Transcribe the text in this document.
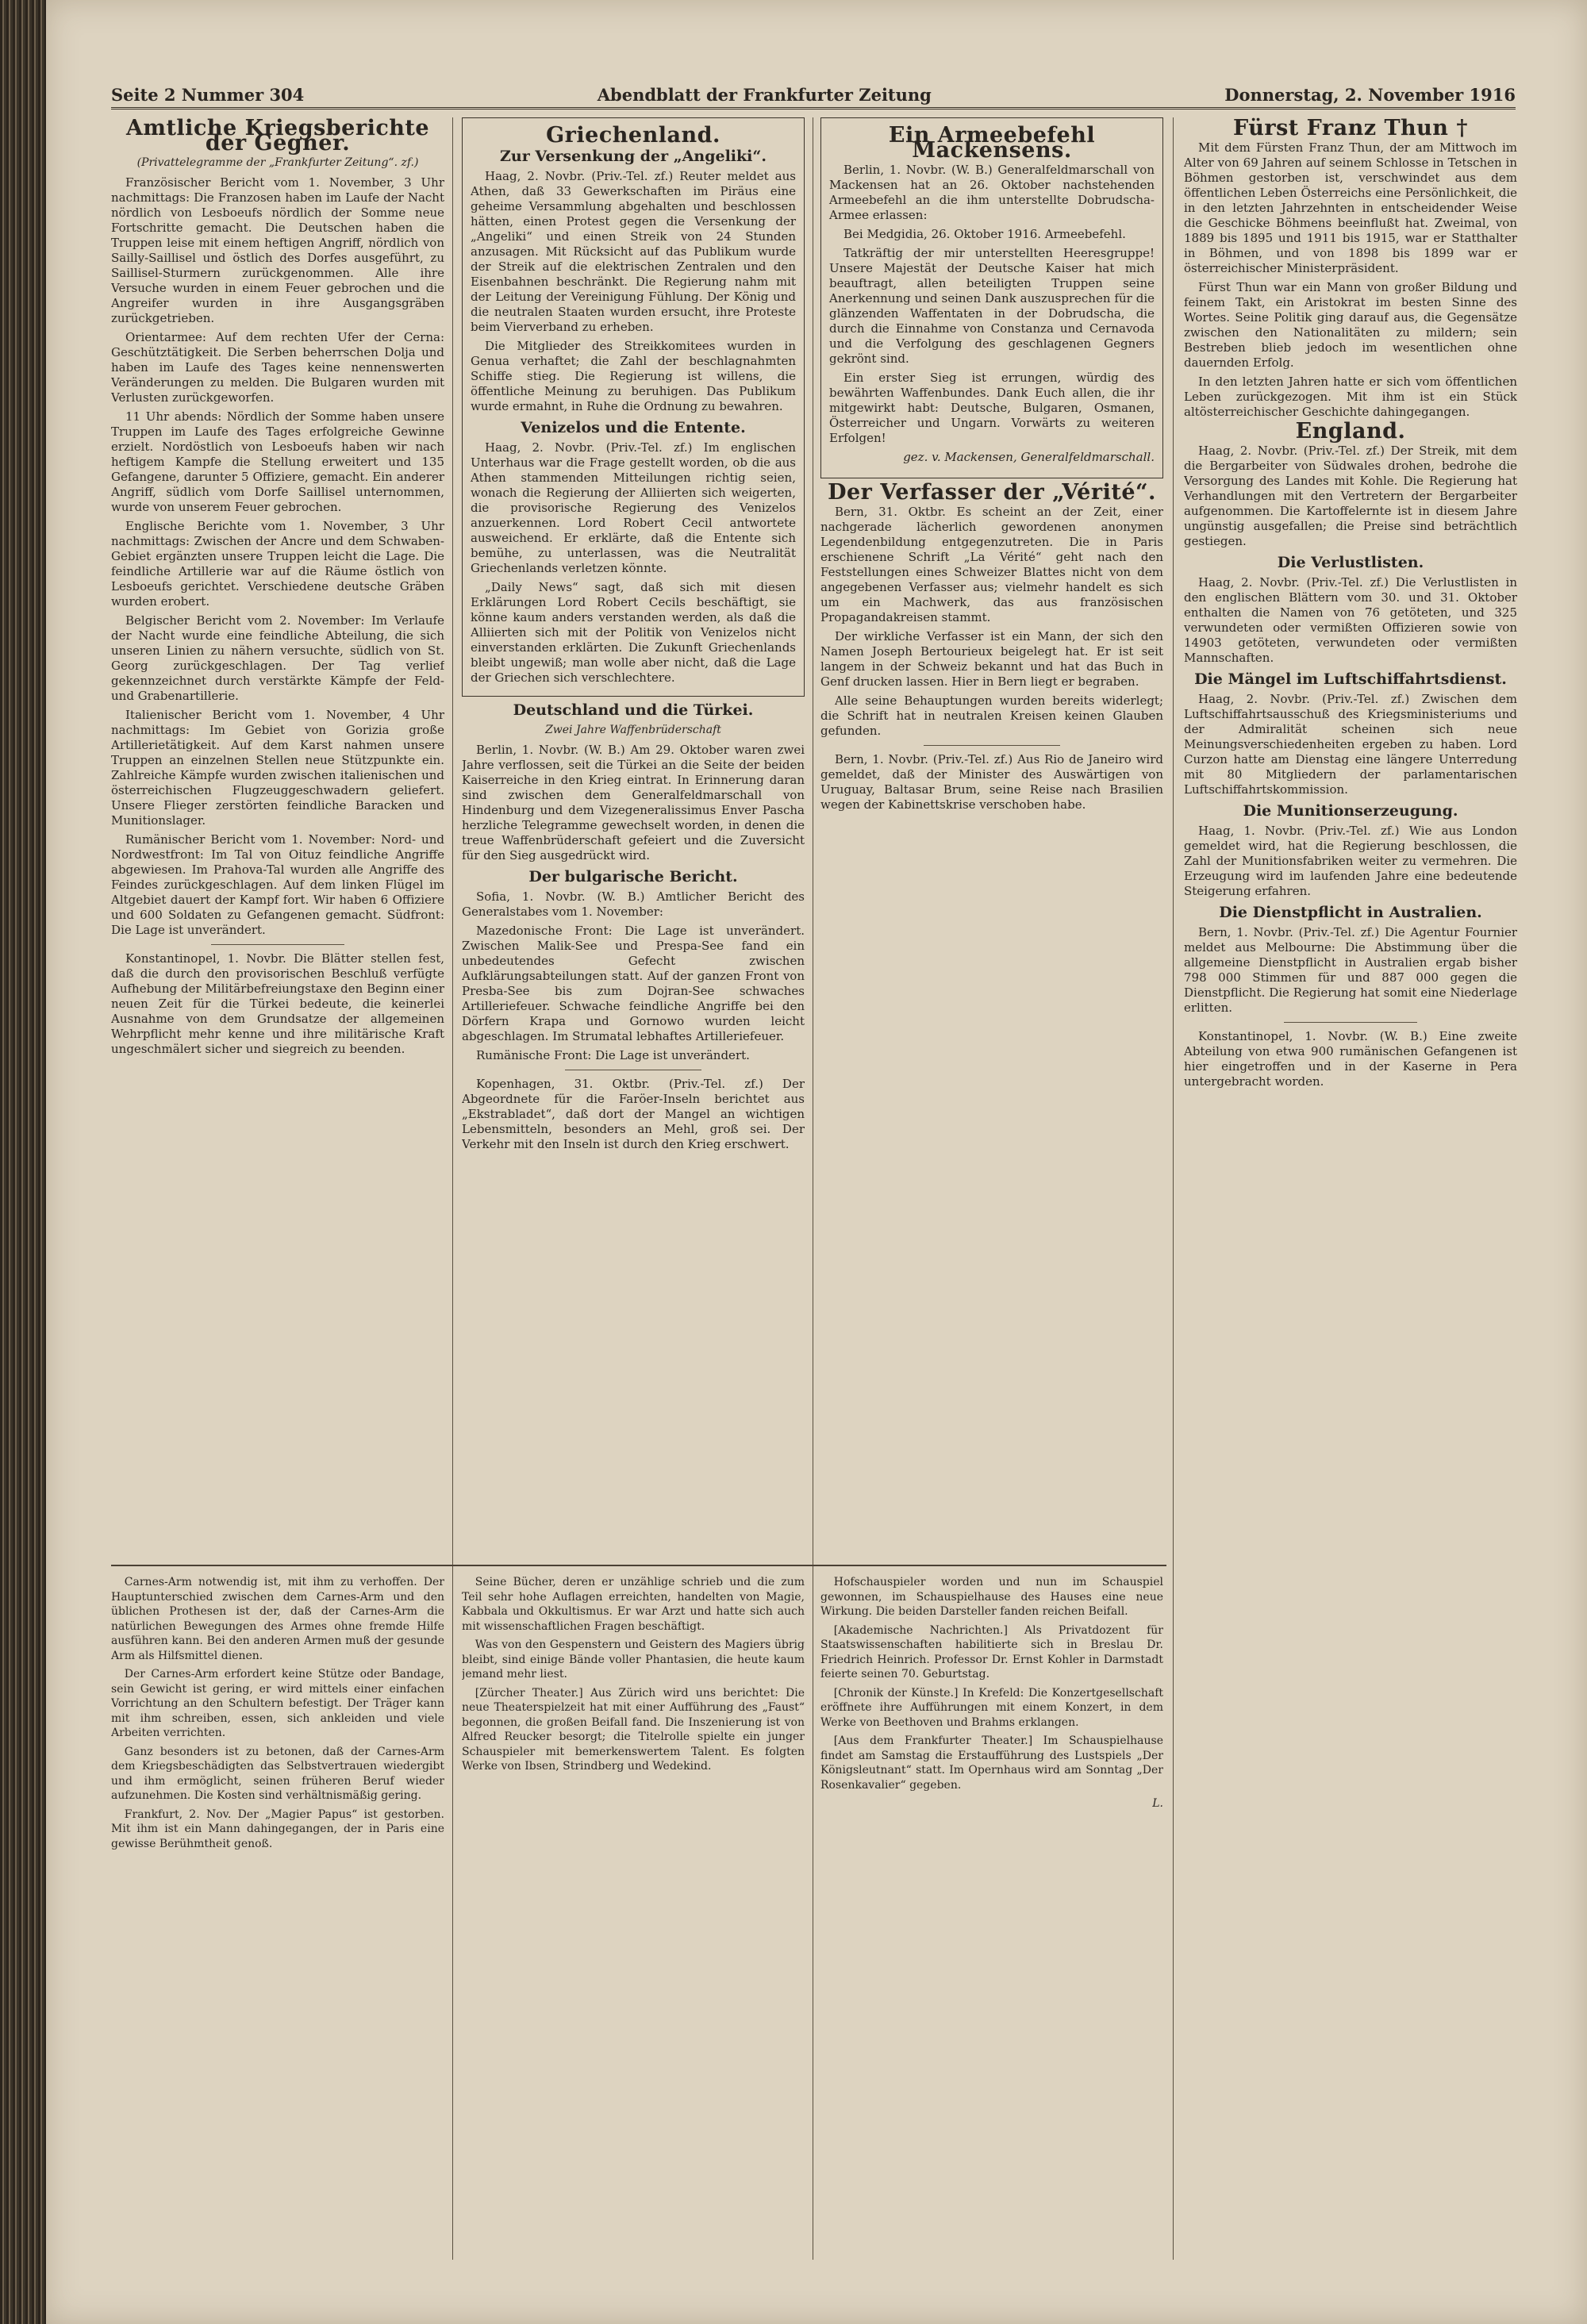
Seite 2 Nummer 304	Abendblatt der Frankfurter Zeitung	Donnerstag, 2. November 1916
Amtliche Kriegsberichte der Gegner.
(Privattelegramme der „Frankfurter Zeitung“. zf.)

Französischer Bericht vom 1. November, 3 Uhr nachmittags: Die Franzosen haben im Laufe der Nacht nördlich von Lesboeufs nördlich der Somme neue Fortschritte gemacht. Die Deutschen haben die Truppen leise mit einem heftigen Angriff, nördlich von Sailly-Saillisel und östlich des Dorfes ausgeführt, zu Saillisel-Sturmern zurückgenommen. Alle ihre Versuche wurden in einem Feuer gebrochen und die Angreifer wurden in ihre Ausgangsgräben zurückgetrieben.

Orientarmee: Auf dem rechten Ufer der Cerna: Geschütztätigkeit. Die Serben beherrschen Dolja und haben im Laufe des Tages keine nennenswerten Veränderungen zu melden. Die Bulgaren wurden mit Verlusten zurückgeworfen.

11 Uhr abends: Nördlich der Somme haben unsere Truppen im Laufe des Tages erfolgreiche Gewinne erzielt. Nordöstlich von Lesboeufs haben wir nach heftigem Kampfe die Stellung erweitert und 135 Gefangene, darunter 5 Offiziere, gemacht. Ein anderer Angriff, südlich vom Dorfe Saillisel unternommen, wurde von unserem Feuer gebrochen.

Englische Berichte vom 1. November, 3 Uhr nachmittags: Zwischen der Ancre und dem Schwaben-Gebiet ergänzten unsere Truppen leicht die Lage. Die feindliche Artillerie war auf die Räume östlich von Lesboeufs gerichtet. Verschiedene deutsche Gräben wurden erobert.

Belgischer Bericht vom 2. November: Im Verlaufe der Nacht wurde eine feindliche Abteilung, die sich unseren Linien zu nähern versuchte, südlich von St. Georg zurückgeschlagen. Der Tag verlief gekennzeichnet durch verstärkte Kämpfe der Feld- und Grabenartillerie.

Italienischer Bericht vom 1. November, 4 Uhr nachmittags: Im Gebiet von Gorizia große Artillerietätigkeit. Auf dem Karst nahmen unsere Truppen an einzelnen Stellen neue Stützpunkte ein. Zahlreiche Kämpfe wurden zwischen italienischen und österreichischen Flugzeuggeschwadern geliefert. Unsere Flieger zerstörten feindliche Baracken und Munitionslager.

Rumänischer Bericht vom 1. November: Nord- und Nordwestfront: Im Tal von Oituz feindliche Angriffe abgewiesen. Im Prahova-Tal wurden alle Angriffe des Feindes zurückgeschlagen. Auf dem linken Flügel im Altgebiet dauert der Kampf fort. Wir haben 6 Offiziere und 600 Soldaten zu Gefangenen gemacht. Südfront: Die Lage ist unverändert.

Konstantinopel, 1. Novbr. Die Blätter stellen fest, daß die durch den provisorischen Beschluß verfügte Aufhebung der Militärbefreiungstaxe den Beginn einer neuen Zeit für die Türkei bedeute, die keinerlei Ausnahme von dem Grundsatze der allgemeinen Wehrpflicht mehr kenne und ihre militärische Kraft ungeschmälert sicher und siegreich zu beenden.

Griechenland.
Zur Versenkung der „Angeliki“.

Haag, 2. Novbr. (Priv.-Tel. zf.) Reuter meldet aus Athen, daß 33 Gewerkschaften im Piräus eine geheime Versammlung abgehalten und beschlossen hätten, einen Protest gegen die Versenkung der „Angeliki“ und einen Streik von 24 Stunden anzusagen. Mit Rücksicht auf das Publikum wurde der Streik auf die elektrischen Zentralen und den Eisenbahnen beschränkt. Die Regierung nahm mit der Leitung der Vereinigung Fühlung. Der König und die neutralen Staaten wurden ersucht, ihre Proteste beim Vierverband zu erheben.

Die Mitglieder des Streikkomitees wurden in Genua verhaftet; die Zahl der beschlagnahmten Schiffe stieg. Die Regierung ist willens, die öffentliche Meinung zu beruhigen. Das Publikum wurde ermahnt, in Ruhe die Ordnung zu bewahren.

Venizelos und die Entente.

Haag, 2. Novbr. (Priv.-Tel. zf.) Im englischen Unterhaus war die Frage gestellt worden, ob die aus Athen stammenden Mitteilungen richtig seien, wonach die Regierung der Alliierten sich weigerten, die provisorische Regierung des Venizelos anzuerkennen. Lord Robert Cecil antwortete ausweichend. Er erklärte, daß die Entente sich bemühe, zu unterlassen, was die Neutralität Griechenlands verletzen könnte.

„Daily News“ sagt, daß sich mit diesen Erklärungen Lord Robert Cecils beschäftigt, sie könne kaum anders verstanden werden, als daß die Alliierten sich mit der Politik von Venizelos nicht einverstanden erklärten. Die Zukunft Griechenlands bleibt ungewiß; man wolle aber nicht, daß die Lage der Griechen sich verschlechtere.

Deutschland und die Türkei.
Zwei Jahre Waffenbrüderschaft

Berlin, 1. Novbr. (W. B.) Am 29. Oktober waren zwei Jahre verflossen, seit die Türkei an die Seite der beiden Kaiserreiche in den Krieg eintrat. In Erinnerung daran sind zwischen dem Generalfeldmarschall von Hindenburg und dem Vizegeneralissimus Enver Pascha herzliche Telegramme gewechselt worden, in denen die treue Waffenbrüderschaft gefeiert und die Zuversicht für den Sieg ausgedrückt wird.

Der bulgarische Bericht.

Sofia, 1. Novbr. (W. B.) Amtlicher Bericht des Generalstabes vom 1. November:

Mazedonische Front: Die Lage ist unverändert. Zwischen Malik-See und Prespa-See fand ein unbedeutendes Gefecht zwischen Aufklärungsabteilungen statt. Auf der ganzen Front von Presba-See bis zum Dojran-See schwaches Artilleriefeuer. Schwache feindliche Angriffe bei den Dörfern Krapa und Gornowo wurden leicht abgeschlagen. Im Strumatal lebhaftes Artilleriefeuer.

Rumänische Front: Die Lage ist unverändert.

Kopenhagen, 31. Oktbr. (Priv.-Tel. zf.) Der Abgeordnete für die Faröer-Inseln berichtet aus „Ekstrabladet“, daß dort der Mangel an wichtigen Lebensmitteln, besonders an Mehl, groß sei. Der Verkehr mit den Inseln ist durch den Krieg erschwert.

Ein Armeebefehl Mackensens.

Berlin, 1. Novbr. (W. B.) Generalfeldmarschall von Mackensen hat an 26. Oktober nachstehenden Armeebefehl an die ihm unterstellte Dobrudscha-Armee erlassen:

Bei Medgidia, 26. Oktober 1916. Armeebefehl.

Tatkräftig der mir unterstellten Heeresgruppe! Unsere Majestät der Deutsche Kaiser hat mich beauftragt, allen beteiligten Truppen seine Anerkennung und seinen Dank auszusprechen für die glänzenden Waffentaten in der Dobrudscha, die durch die Einnahme von Constanza und Cernavoda und die Verfolgung des geschlagenen Gegners gekrönt sind.

Ein erster Sieg ist errungen, würdig des bewährten Waffenbundes. Dank Euch allen, die ihr mitgewirkt habt: Deutsche, Bulgaren, Osmanen, Österreicher und Ungarn. Vorwärts zu weiteren Erfolgen!

gez. v. Mackensen, Generalfeldmarschall.
Der Verfasser der „Vérité“.

Bern, 31. Oktbr. Es scheint an der Zeit, einer nachgerade lächerlich gewordenen anonymen Legendenbildung entgegenzutreten. Die in Paris erschienene Schrift „La Vérité“ geht nach den Feststellungen eines Schweizer Blattes nicht von dem angegebenen Verfasser aus; vielmehr handelt es sich um ein Machwerk, das aus französischen Propagandakreisen stammt.

Der wirkliche Verfasser ist ein Mann, der sich den Namen Joseph Bertourieux beigelegt hat. Er ist seit langem in der Schweiz bekannt und hat das Buch in Genf drucken lassen. Hier in Bern liegt er begraben.

Alle seine Behauptungen wurden bereits widerlegt; die Schrift hat in neutralen Kreisen keinen Glauben gefunden.

Bern, 1. Novbr. (Priv.-Tel. zf.) Aus Rio de Janeiro wird gemeldet, daß der Minister des Auswärtigen von Uruguay, Baltasar Brum, seine Reise nach Brasilien wegen der Kabinettskrise verschoben habe.

Fürst Franz Thun †

Mit dem Fürsten Franz Thun, der am Mittwoch im Alter von 69 Jahren auf seinem Schlosse in Tetschen in Böhmen gestorben ist, verschwindet aus dem öffentlichen Leben Österreichs eine Persönlichkeit, die in den letzten Jahrzehnten in entscheidender Weise die Geschicke Böhmens beeinflußt hat. Zweimal, von 1889 bis 1895 und 1911 bis 1915, war er Statthalter in Böhmen, und von 1898 bis 1899 war er österreichischer Ministerpräsident.

Fürst Thun war ein Mann von großer Bildung und feinem Takt, ein Aristokrat im besten Sinne des Wortes. Seine Politik ging darauf aus, die Gegensätze zwischen den Nationalitäten zu mildern; sein Bestreben blieb jedoch im wesentlichen ohne dauernden Erfolg.

In den letzten Jahren hatte er sich vom öffentlichen Leben zurückgezogen. Mit ihm ist ein Stück altösterreichischer Geschichte dahingegangen.

England.

Haag, 2. Novbr. (Priv.-Tel. zf.) Der Streik, mit dem die Bergarbeiter von Südwales drohen, bedrohe die Versorgung des Landes mit Kohle. Die Regierung hat Verhandlungen mit den Vertretern der Bergarbeiter aufgenommen. Die Kartoffelernte ist in diesem Jahre ungünstig ausgefallen; die Preise sind beträchtlich gestiegen.

Die Verlustlisten.

Haag, 2. Novbr. (Priv.-Tel. zf.) Die Verlustlisten in den englischen Blättern vom 30. und 31. Oktober enthalten die Namen von 76 getöteten, und 325 verwundeten oder vermißten Offizieren sowie von 14903 getöteten, verwundeten oder vermißten Mannschaften.

Die Mängel im Luftschiffahrtsdienst.

Haag, 2. Novbr. (Priv.-Tel. zf.) Zwischen dem Luftschiffahrtsausschuß des Kriegsministeriums und der Admiralität scheinen sich neue Meinungsverschiedenheiten ergeben zu haben. Lord Curzon hatte am Dienstag eine längere Unterredung mit 80 Mitgliedern der parlamentarischen Luftschiffahrtskommission.

Die Munitionserzeugung.

Haag, 1. Novbr. (Priv.-Tel. zf.) Wie aus London gemeldet wird, hat die Regierung beschlossen, die Zahl der Munitionsfabriken weiter zu vermehren. Die Erzeugung wird im laufenden Jahre eine bedeutende Steigerung erfahren.

Die Dienstpflicht in Australien.

Bern, 1. Novbr. (Priv.-Tel. zf.) Die Agentur Fournier meldet aus Melbourne: Die Abstimmung über die allgemeine Dienstpflicht in Australien ergab bisher 798 000 Stimmen für und 887 000 gegen die Dienstpflicht. Die Regierung hat somit eine Niederlage erlitten.

Konstantinopel, 1. Novbr. (W. B.) Eine zweite Abteilung von etwa 900 rumänischen Gefangenen ist hier eingetroffen und in der Kaserne in Pera untergebracht worden.

Carnes-Arm notwendig ist, mit ihm zu verhoffen. Der Hauptunterschied zwischen dem Carnes-Arm und den üblichen Prothesen ist der, daß der Carnes-Arm die natürlichen Bewegungen des Armes ohne fremde Hilfe ausführen kann. Bei den anderen Armen muß der gesunde Arm als Hilfsmittel dienen.

Der Carnes-Arm erfordert keine Stütze oder Bandage, sein Gewicht ist gering, er wird mittels einer einfachen Vorrichtung an den Schultern befestigt. Der Träger kann mit ihm schreiben, essen, sich ankleiden und viele Arbeiten verrichten.

Ganz besonders ist zu betonen, daß der Carnes-Arm dem Kriegsbeschädigten das Selbstvertrauen wiedergibt und ihm ermöglicht, seinen früheren Beruf wieder aufzunehmen. Die Kosten sind verhältnismäßig gering.

Frankfurt, 2. Nov. Der „Magier Papus“ ist gestorben. Mit ihm ist ein Mann dahingegangen, der in Paris eine gewisse Berühmtheit genoß.

Seine Bücher, deren er unzählige schrieb und die zum Teil sehr hohe Auflagen erreichten, handelten von Magie, Kabbala und Okkultismus. Er war Arzt und hatte sich auch mit wissenschaftlichen Fragen beschäftigt.

Was von den Gespenstern und Geistern des Magiers übrig bleibt, sind einige Bände voller Phantasien, die heute kaum jemand mehr liest.

[Zürcher Theater.] Aus Zürich wird uns berichtet: Die neue Theaterspielzeit hat mit einer Aufführung des „Faust“ begonnen, die großen Beifall fand. Die Inszenierung ist von Alfred Reucker besorgt; die Titelrolle spielte ein junger Schauspieler mit bemerkenswertem Talent. Es folgten Werke von Ibsen, Strindberg und Wedekind.

Hofschauspieler worden und nun im Schauspiel gewonnen, im Schauspielhause des Hauses eine neue Wirkung. Die beiden Darsteller fanden reichen Beifall.

[Akademische Nachrichten.] Als Privatdozent für Staatswissenschaften habilitierte sich in Breslau Dr. Friedrich Heinrich. Professor Dr. Ernst Kohler in Darmstadt feierte seinen 70. Geburtstag.

[Chronik der Künste.] In Krefeld: Die Konzertgesellschaft eröffnete ihre Aufführungen mit einem Konzert, in dem Werke von Beethoven und Brahms erklangen.

[Aus dem Frankfurter Theater.] Im Schauspielhause findet am Samstag die Erstaufführung des Lustspiels „Der Königsleutnant“ statt. Im Opernhaus wird am Sonntag „Der Rosenkavalier“ gegeben.

L.
